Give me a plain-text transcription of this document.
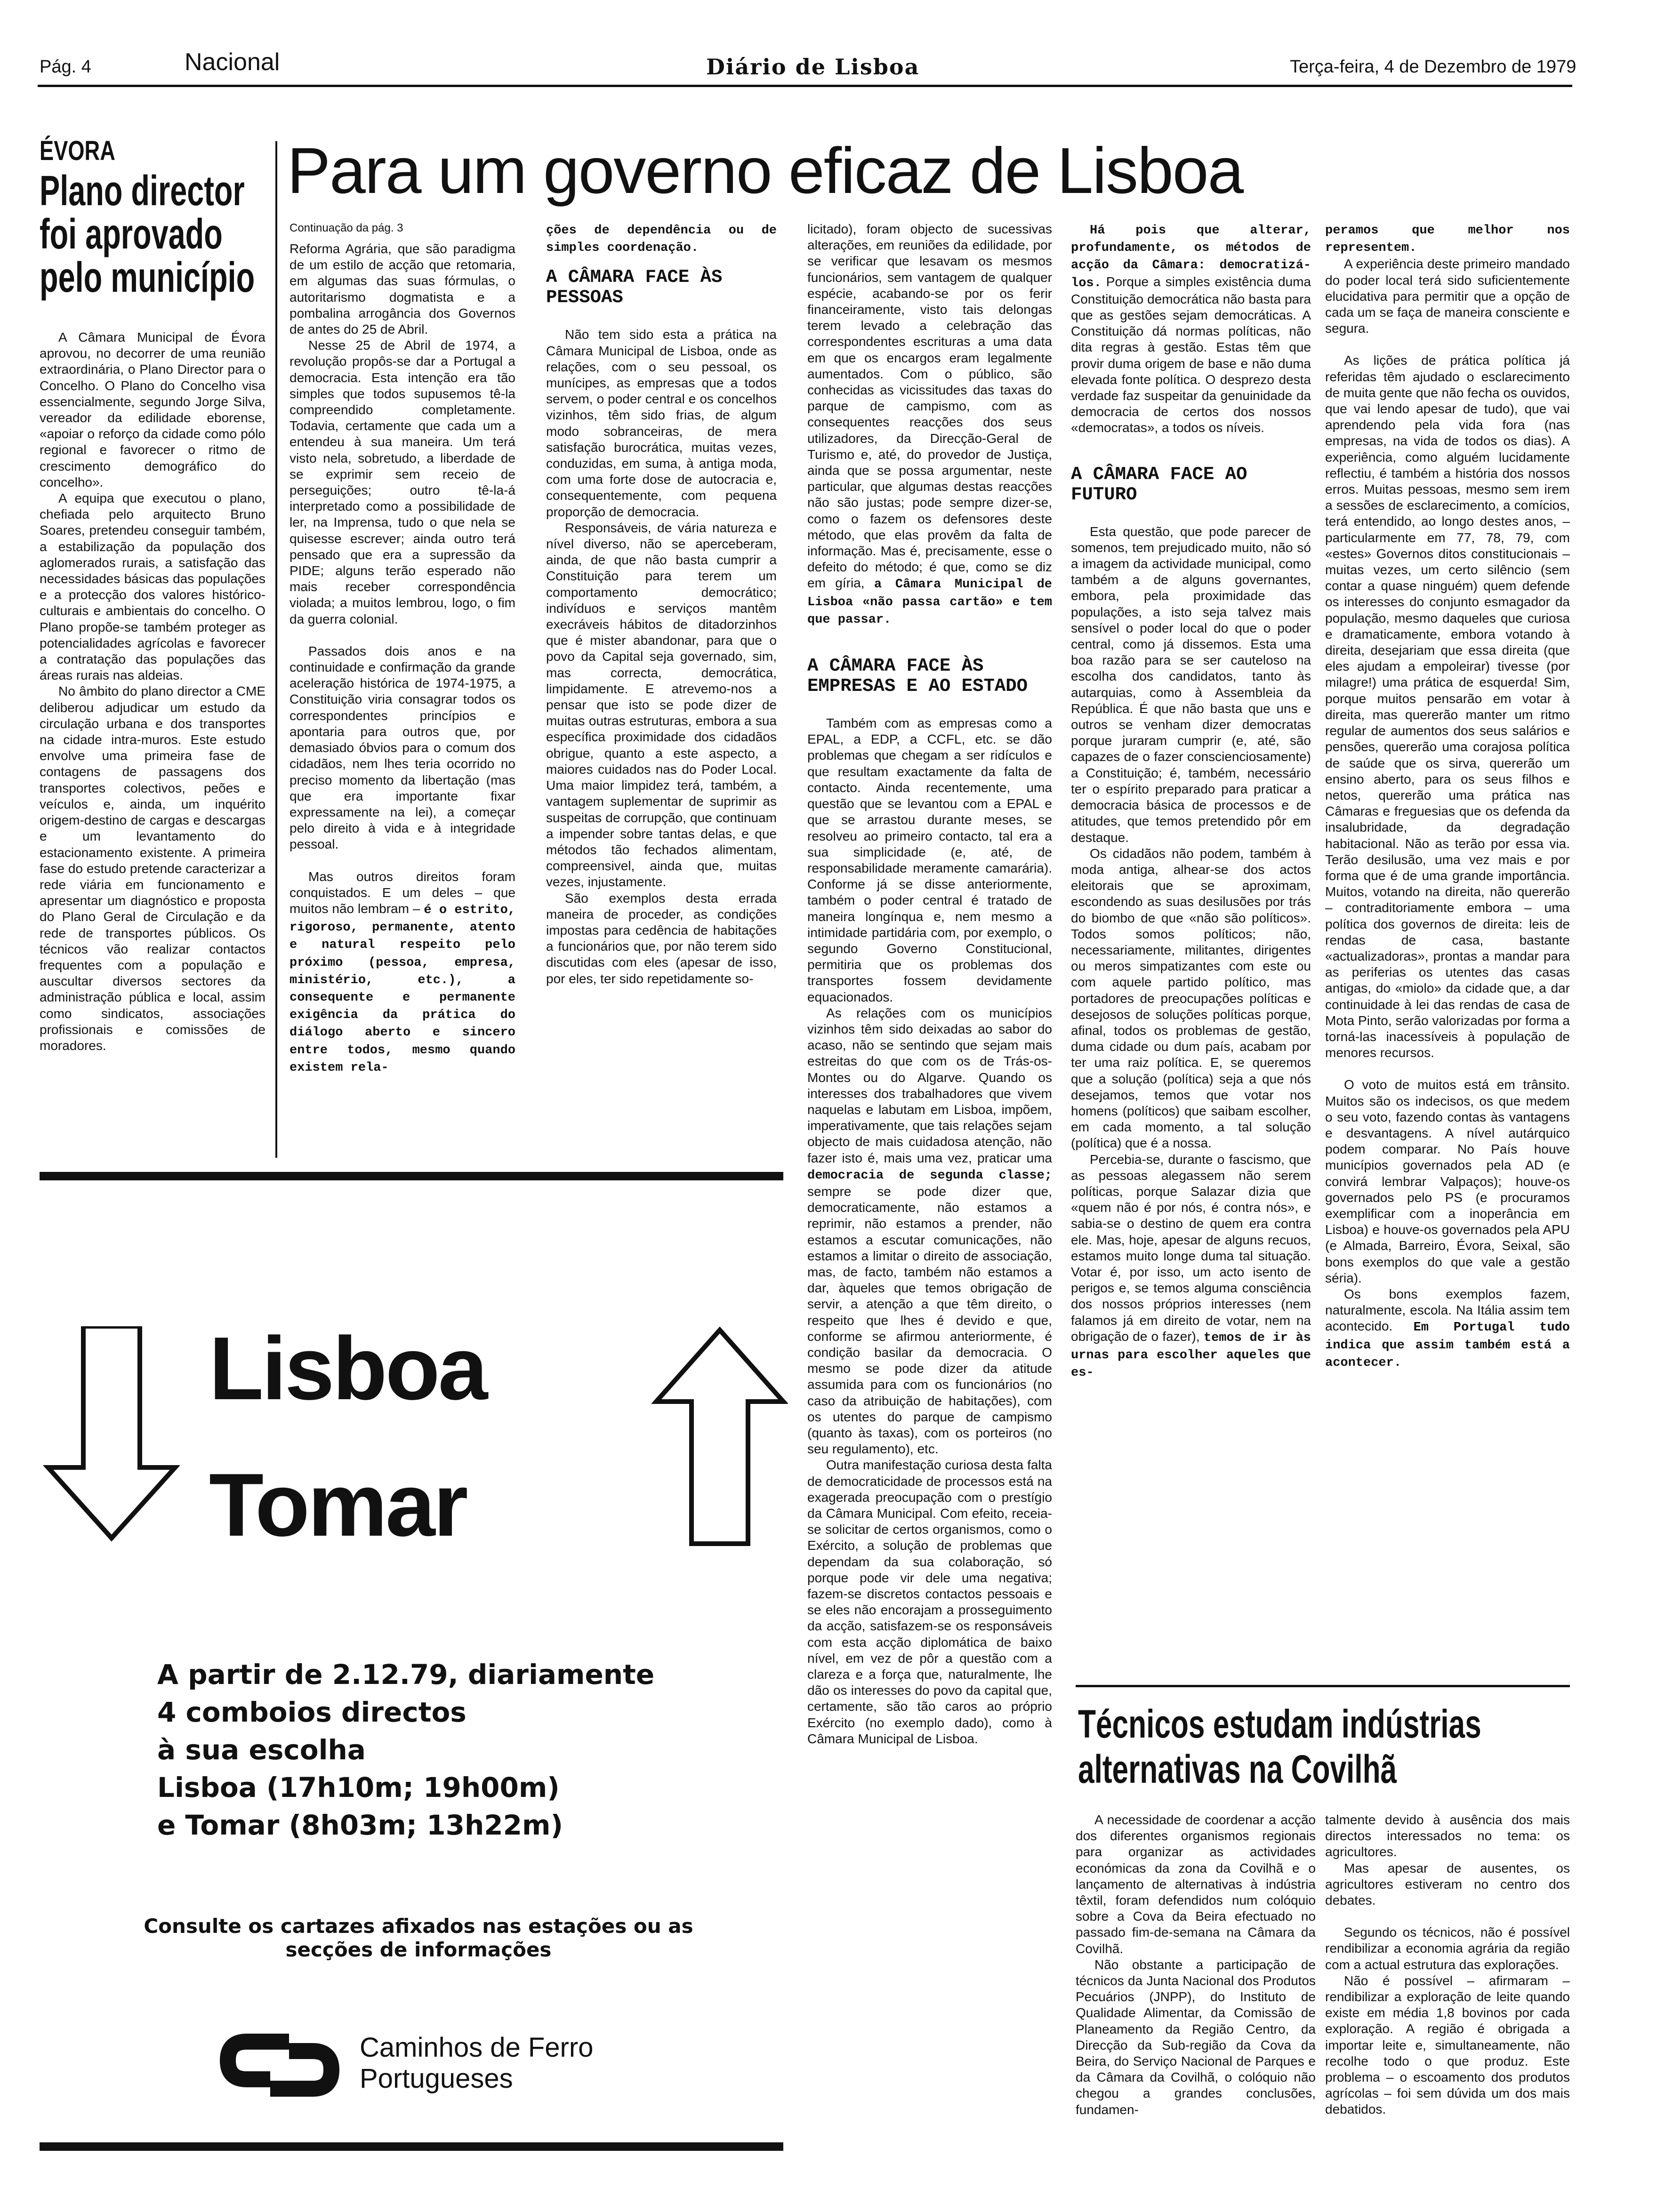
Pág. 4	Nacional	Diário de Lisboa	Terça-feira, 4 de Dezembro de 1979
ÉVORA
Plano director
foi aprovado
pelo município

A Câmara Municipal de Évora aprovou, no decorrer de uma reunião extraordinária, o Plano Director para o Concelho. O Plano do Concelho visa essencialmente, segundo Jorge Silva, vereador da edilidade eborense, «apoiar o reforço da cidade como pólo regional e favorecer o ritmo de crescimento demográfico do concelho».

A equipa que executou o plano, chefiada pelo arquitecto Bruno Soares, pretendeu conseguir também, a estabilização da população dos aglomerados rurais, a satisfação das necessidades básicas das populações e a protecção dos valores histórico-culturais e ambientais do concelho. O Plano propõe-se também proteger as potencialidades agrícolas e favorecer a contratação das populações das áreas rurais nas aldeias.

No âmbito do plano director a CME deliberou adjudicar um estudo da circulação urbana e dos transportes na cidade intra-muros. Este estudo envolve uma primeira fase de contagens de passagens dos transportes colectivos, peões e veículos e, ainda, um inquérito origem-destino de cargas e descargas e um levantamento do estacionamento existente. A primeira fase do estudo pretende caracterizar a rede viária em funcionamento e apresentar um diagnóstico e proposta do Plano Geral de Circulação e da rede de transportes públicos. Os técnicos vão realizar contactos frequentes com a população e auscultar diversos sectores da administração pública e local, assim como sindicatos, associações profissionais e comissões de moradores.

Para um governo eficaz de Lisboa
Continuação da pág. 3

Reforma Agrária, que são paradigma de um estilo de acção que retomaria, em algumas das suas fórmulas, o autoritarismo dogmatista e a pombalina arrogância dos Governos de antes do 25 de Abril.

Nesse 25 de Abril de 1974, a revolução propôs-se dar a Portugal a democracia. Esta intenção era tão simples que todos supusemos tê-la compreendido completamente. Todavia, certamente que cada um a entendeu à sua maneira. Um terá visto nela, sobretudo, a liberdade de se exprimir sem receio de perseguições; outro tê-la-á interpretado como a possibilidade de ler, na Imprensa, tudo o que nela se quisesse escrever; ainda outro terá pensado que era a supressão da PIDE; alguns terão esperado não mais receber correspondência violada; a muitos lembrou, logo, o fim da guerra colonial.

Passados dois anos e na continuidade e confirmação da grande aceleração histórica de 1974-1975, a Constituição viria consagrar todos os correspondentes princípios e apontaria para outros que, por demasiado óbvios para o comum dos cidadãos, nem lhes teria ocorrido no preciso momento da libertação (mas que era importante fixar expressamente na lei), a começar pelo direito à vida e à integridade pessoal.

Mas outros direitos foram conquistados. E um deles – que muitos não lembram – é o estrito, rigoroso, permanente, atento e natural respeito pelo próximo (pessoa, empresa, ministério, etc.), a consequente e permanente exigência da prática do diálogo aberto e sincero entre todos, mesmo quando existem rela-

ções de dependência ou de simples coordenação.

A CÂMARA FACE ÀS PESSOAS

Não tem sido esta a prática na Câmara Municipal de Lisboa, onde as relações, com o seu pessoal, os munícipes, as empresas que a todos servem, o poder central e os concelhos vizinhos, têm sido frias, de algum modo sobranceiras, de mera satisfação burocrática, muitas vezes, conduzidas, em suma, à antiga moda, com uma forte dose de autocracia e, consequentemente, com pequena proporção de democracia.

Responsáveis, de vária natureza e nível diverso, não se aperceberam, ainda, de que não basta cumprir a Constituição para terem um comportamento democrático; indivíduos e serviços mantêm execráveis hábitos de ditadorzinhos que é mister abandonar, para que o povo da Capital seja governado, sim, mas correcta, democrática, limpidamente. E atrevemo-nos a pensar que isto se pode dizer de muitas outras estruturas, embora a sua específica proximidade dos cidadãos obrigue, quanto a este aspecto, a maiores cuidados nas do Poder Local. Uma maior limpidez terá, também, a vantagem suplementar de suprimir as suspeitas de corrupção, que continuam a impender sobre tantas delas, e que métodos tão fechados alimentam, compreensivel, ainda que, muitas vezes, injustamente.

São exemplos desta errada maneira de proceder, as condições impostas para cedência de habitações a funcionários que, por não terem sido discutidas com eles (apesar de isso, por eles, ter sido repetidamente so-

licitado), foram objecto de sucessivas alterações, em reuniões da edilidade, por se verificar que lesavam os mesmos funcionários, sem vantagem de qualquer espécie, acabando-se por os ferir financeiramente, visto tais delongas terem levado a celebração das correspondentes escrituras a uma data em que os encargos eram legalmente aumentados. Com o público, são conhecidas as vicissitudes das taxas do parque de campismo, com as consequentes reacções dos seus utilizadores, da Direcção-Geral de Turismo e, até, do provedor de Justiça, ainda que se possa argumentar, neste particular, que algumas destas reacções não são justas; pode sempre dizer-se, como o fazem os defensores deste método, que elas provêm da falta de informação. Mas é, precisamente, esse o defeito do método; é que, como se diz em gíria, a Câmara Municipal de Lisboa «não passa cartão» e tem que passar.

A CÂMARA FACE ÀS EMPRESAS E AO ESTADO

Também com as empresas como a EPAL, a EDP, a CCFL, etc. se dão problemas que chegam a ser ridículos e que resultam exactamente da falta de contacto. Ainda recentemente, uma questão que se levantou com a EPAL e que se arrastou durante meses, se resolveu ao primeiro contacto, tal era a sua simplicidade (e, até, de responsabilidade meramente camarária). Conforme já se disse anteriormente, também o poder central é tratado de maneira longínqua e, nem mesmo a intimidade partidária com, por exemplo, o segundo Governo Constitucional, permitiria que os problemas dos transportes fossem devidamente equacionados.

As relações com os municípios vizinhos têm sido deixadas ao sabor do acaso, não se sentindo que sejam mais estreitas do que com os de Trás-os-Montes ou do Algarve. Quando os interesses dos trabalhadores que vivem naquelas e labutam em Lisboa, impõem, imperativamente, que tais relações sejam objecto de mais cuidadosa atenção, não fazer isto é, mais uma vez, praticar uma democracia de segunda classe; sempre se pode dizer que, democraticamente, não estamos a reprimir, não estamos a prender, não estamos a escutar comunicações, não estamos a limitar o direito de associação, mas, de facto, também não estamos a dar, àqueles que temos obrigação de servir, a atenção a que têm direito, o respeito que lhes é devido e que, conforme se afirmou anteriormente, é condição basilar da democracia. O mesmo se pode dizer da atitude assumida para com os funcionários (no caso da atribuição de habitações), com os utentes do parque de campismo (quanto às taxas), com os porteiros (no seu regulamento), etc.

Outra manifestação curiosa desta falta de democraticidade de processos está na exagerada preocupação com o prestígio da Câmara Municipal. Com efeito, receia-se solicitar de certos organismos, como o Exército, a solução de problemas que dependam da sua colaboração, só porque pode vir dele uma negativa; fazem-se discretos contactos pessoais e se eles não encorajam a prosseguimento da acção, satisfazem-se os responsáveis com esta acção diplomática de baixo nível, em vez de pôr a questão com a clareza e a força que, naturalmente, lhe dão os interesses do povo da capital que, certamente, são tão caros ao próprio Exército (no exemplo dado), como à Câmara Municipal de Lisboa.

Há pois que alterar, profundamente, os métodos de acção da Câmara: democratizá-los. Porque a simples existência duma Constituição democrática não basta para que as gestões sejam democráticas. A Constituição dá normas políticas, não dita regras à gestão. Estas têm que provir duma origem de base e não duma elevada fonte política. O desprezo desta verdade faz suspeitar da genuinidade da democracia de certos dos nossos «democratas», a todos os níveis.

A CÂMARA FACE AO FUTURO

Esta questão, que pode parecer de somenos, tem prejudicado muito, não só a imagem da actividade municipal, como também a de alguns governantes, embora, pela proximidade das populações, a isto seja talvez mais sensível o poder local do que o poder central, como já dissemos. Esta uma boa razão para se ser cauteloso na escolha dos candidatos, tanto às autarquias, como à Assembleia da República. É que não basta que uns e outros se venham dizer democratas porque juraram cumprir (e, até, são capazes de o fazer conscienciosamente) a Constituição; é, também, necessário ter o espírito preparado para praticar a democracia básica de processos e de atitudes, que temos pretendido pôr em destaque.

Os cidadãos não podem, também à moda antiga, alhear-se dos actos eleitorais que se aproximam, escondendo as suas desilusões por trás do biombo de que «não são políticos». Todos somos políticos; não, necessariamente, militantes, dirigentes ou meros simpatizantes com este ou com aquele partido político, mas portadores de preocupações políticas e desejosos de soluções políticas porque, afinal, todos os problemas de gestão, duma cidade ou dum país, acabam por ter uma raiz política. E, se queremos que a solução (política) seja a que nós desejamos, temos que votar nos homens (políticos) que saibam escolher, em cada momento, a tal solução (política) que é a nossa.

Percebia-se, durante o fascismo, que as pessoas alegassem não serem políticas, porque Salazar dizia que «quem não é por nós, é contra nós», e sabia-se o destino de quem era contra ele. Mas, hoje, apesar de alguns recuos, estamos muito longe duma tal situação. Votar é, por isso, um acto isento de perigos e, se temos alguma consciência dos nossos próprios interesses (nem falamos já em direito de votar, nem na obrigação de o fazer), temos de ir às urnas para escolher aqueles que es-

peramos que melhor nos representem.

A experiência deste primeiro mandado do poder local terá sido suficientemente elucidativa para permitir que a opção de cada um se faça de maneira consciente e segura.

As lições de prática política já referidas têm ajudado o esclarecimento de muita gente que não fecha os ouvidos, que vai lendo apesar de tudo), que vai aprendendo pela vida fora (nas empresas, na vida de todos os dias). A experiência, como alguém lucidamente reflectiu, é também a história dos nossos erros. Muitas pessoas, mesmo sem irem a sessões de esclarecimento, a comícios, terá entendido, ao longo destes anos, – particularmente em 77, 78, 79, com «estes» Governos ditos constitucionais – muitas vezes, um certo silêncio (sem contar a quase ninguém) quem defende os interesses do conjunto esmagador da população, mesmo daqueles que curiosa e dramaticamente, embora votando à direita, desejariam que essa direita (que eles ajudam a empoleirar) tivesse (por milagre!) uma prática de esquerda! Sim, porque muitos pensarão em votar à direita, mas quererão manter um ritmo regular de aumentos dos seus salários e pensões, quererão uma corajosa política de saúde que os sirva, quererão um ensino aberto, para os seus filhos e netos, quererão uma prática nas Câmaras e freguesias que os defenda da insalubridade, da degradação habitacional. Não as terão por essa via. Terão desilusão, uma vez mais e por forma que é de uma grande importância. Muitos, votando na direita, não quererão – contraditoriamente embora – uma política dos governos de direita: leis de rendas de casa, bastante «actualizadoras», prontas a mandar para as periferias os utentes das casas antigas, do «miolo» da cidade que, a dar continuidade à lei das rendas de casa de Mota Pinto, serão valorizadas por forma a torná-las inacessíveis à população de menores recursos.

O voto de muitos está em trânsito. Muitos são os indecisos, os que medem o seu voto, fazendo contas às vantagens e desvantagens. A nível autárquico podem comparar. No País houve municípios governados pela AD (e convirá lembrar Valpaços); houve-os governados pelo PS (e procuramos exemplificar com a inoperância em Lisboa) e houve-os governados pela APU (e Almada, Barreiro, Évora, Seixal, são bons exemplos do que vale a gestão séria).

Os bons exemplos fazem, naturalmente, escola. Na Itália assim tem acontecido. Em Portugal tudo indica que assim também está a acontecer.

Lisboa
Tomar
A partir de 2.12.79, diariamente
4 comboios directos
à sua escolha
Lisboa (17h10m; 19h00m)
e Tomar (8h03m; 13h22m)
Consulte os cartazes afixados nas estações ou as secções de informações
Caminhos de Ferro
Portugueses
Técnicos estudam indústrias
alternativas na Covilhã

A necessidade de coordenar a acção dos diferentes organismos regionais para organizar as actividades económicas da zona da Covilhã e o lançamento de alternativas à indústria têxtil, foram defendidos num colóquio sobre a Cova da Beira efectuado no passado fim-de-semana na Câmara da Covilhã.

Não obstante a participação de técnicos da Junta Nacional dos Produtos Pecuários (JNPP), do Instituto de Qualidade Alimentar, da Comissão de Planeamento da Região Centro, da Direcção da Sub-região da Cova da Beira, do Serviço Nacional de Parques e da Câmara da Covilhã, o colóquio não chegou a grandes conclusões, fundamen-

talmente devido à ausência dos mais directos interessados no tema: os agricultores.

Mas apesar de ausentes, os agricultores estiveram no centro dos debates.

Segundo os técnicos, não é possível rendibilizar a economia agrária da região com a actual estrutura das explorações.

Não é possível – afirmaram – rendibilizar a exploração de leite quando existe em média 1,8 bovinos por cada exploração. A região é obrigada a importar leite e, simultaneamente, não recolhe todo o que produz. Este problema – o escoamento dos produtos agrícolas – foi sem dúvida um dos mais debatidos.
